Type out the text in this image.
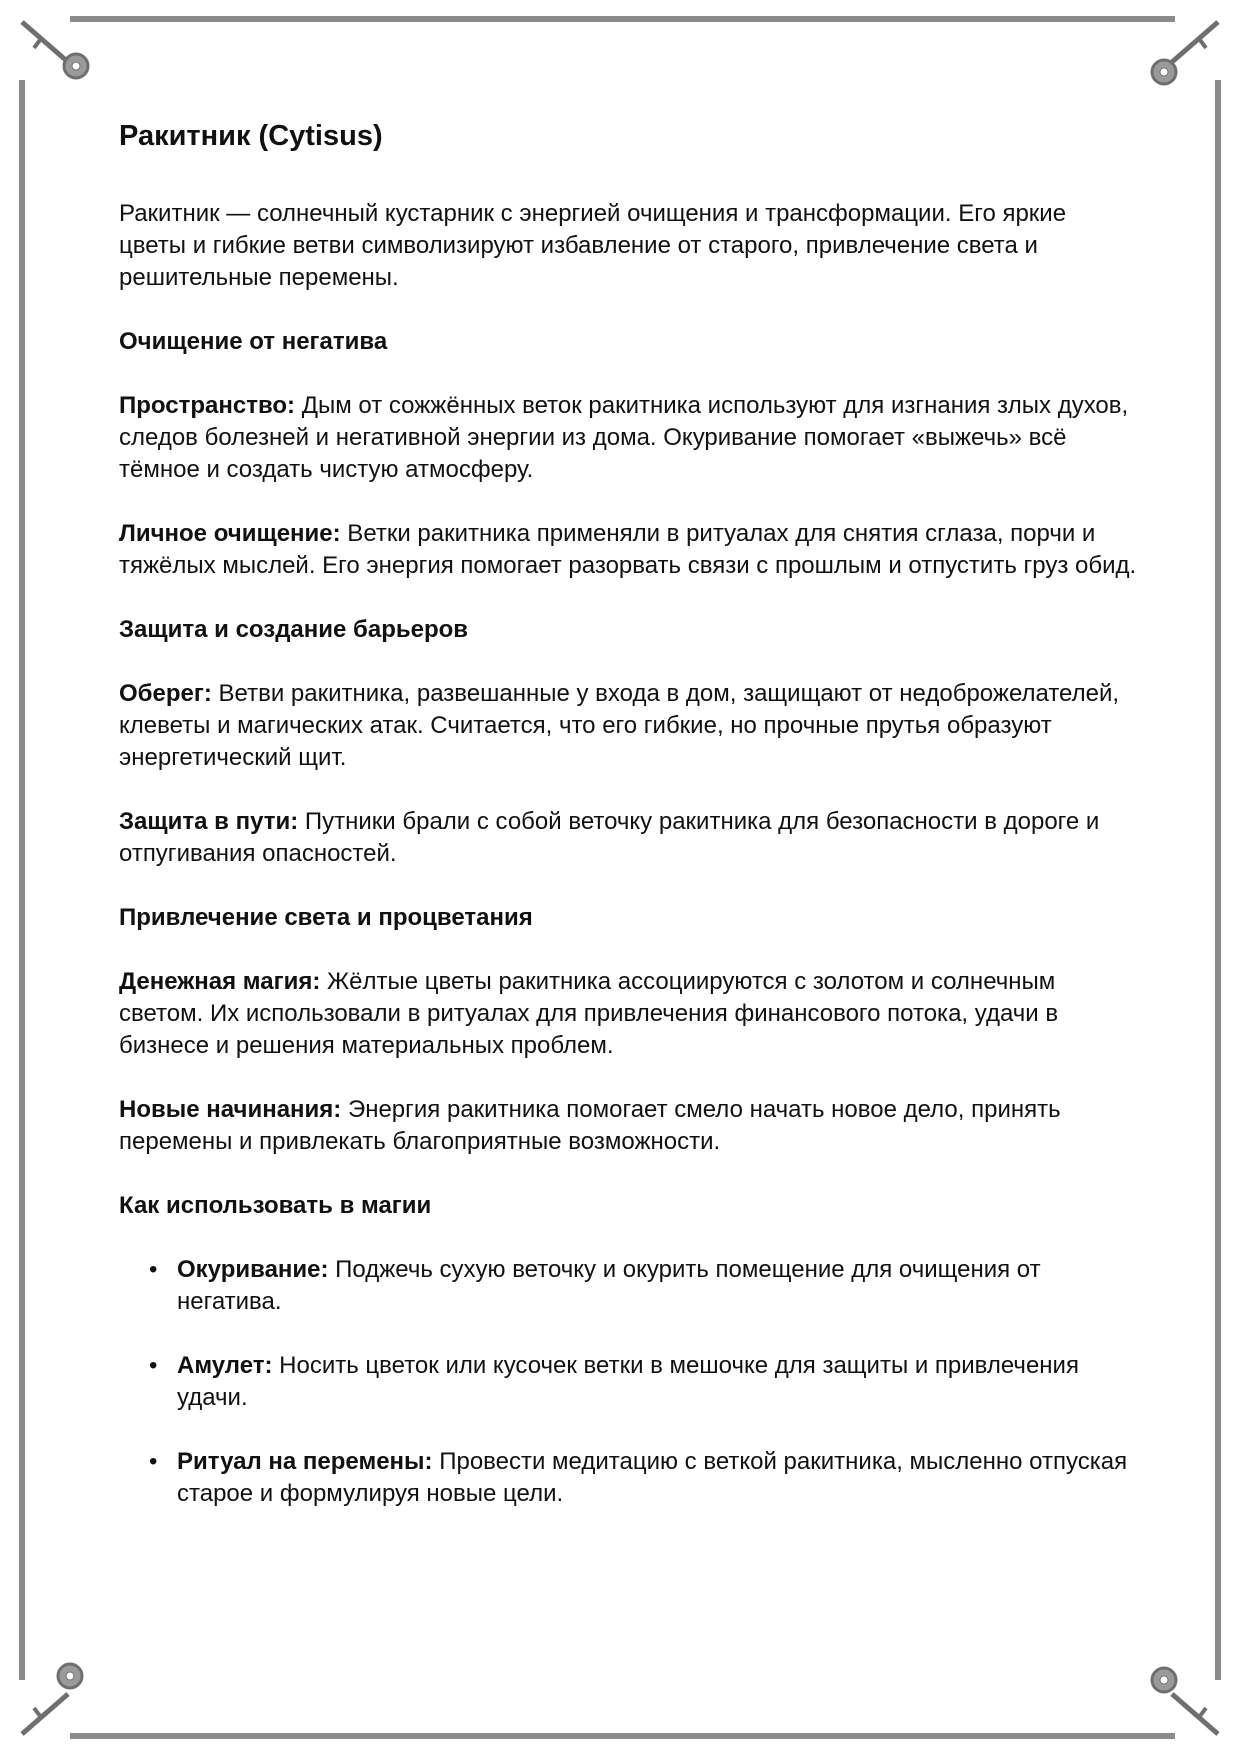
Ракитник (Cytisus)

Ракитник — солнечный кустарник с энергией очищения и трансформации. Его яркие цветы и гибкие ветви символизируют избавление от старого, привлечение света и решительные перемены.

Очищение от негатива

Пространство: Дым от сожжённых веток ракитника используют для изгнания злых духов, следов болезней и негативной энергии из дома. Окуривание помогает «выжечь» всё тёмное и создать чистую атмосферу.

Личное очищение: Ветки ракитника применяли в ритуалах для снятия сглаза, порчи и тяжёлых мыслей. Его энергия помогает разорвать связи с прошлым и отпустить груз обид.

Защита и создание барьеров

Оберег: Ветви ракитника, развешанные у входа в дом, защищают от недоброжелателей, клеветы и магических атак. Считается, что его гибкие, но прочные прутья образуют энергетический щит.

Защита в пути: Путники брали с собой веточку ракитника для безопасности в дороге и отпугивания опасностей.

Привлечение света и процветания

Денежная магия: Жёлтые цветы ракитника ассоциируются с золотом и солнечным светом. Их использовали в ритуалах для привлечения финансового потока, удачи в бизнесе и решения материальных проблем.

Новые начинания: Энергия ракитника помогает смело начать новое дело, принять перемены и привлекать благоприятные возможности.

Как использовать в магии

• Окуривание: Поджечь сухую веточку и окурить помещение для очищения от негатива.
• Амулет: Носить цветок или кусочек ветки в мешочке для защиты и привлечения удачи.
• Ритуал на перемены: Провести медитацию с веткой ракитника, мысленно отпуская старое и формулируя новые цели.
